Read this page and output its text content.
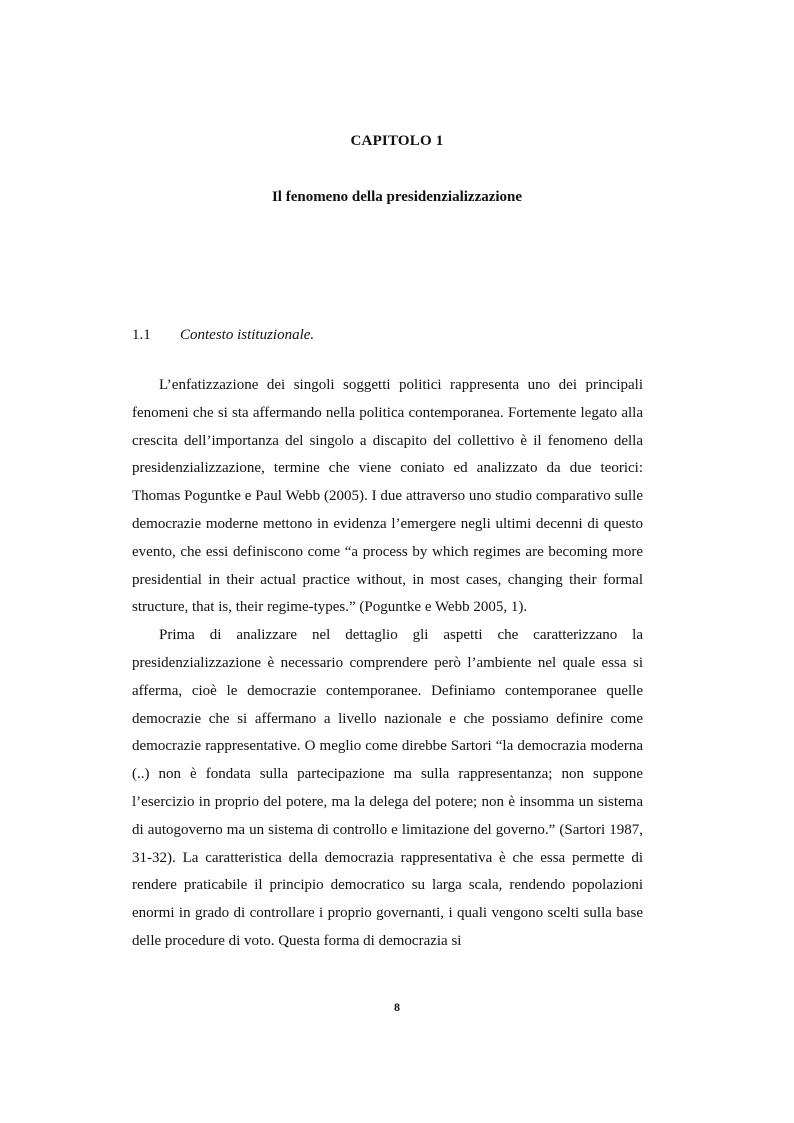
CAPITOLO 1
Il fenomeno della presidenzializzazione
1.1 Contesto istituzionale.

L’enfatizzazione dei singoli soggetti politici rappresenta uno dei principali fenomeni che si sta affermando nella politica contemporanea. Fortemente legato alla crescita dell’importanza del singolo a discapito del collettivo è il fenomeno della presidenzializzazione, termine che viene coniato ed analizzato da due teorici: Thomas Poguntke e Paul Webb (2005). I due attraverso uno studio comparativo sulle democrazie moderne mettono in evidenza l’emergere negli ultimi decenni di questo evento, che essi definiscono come “a process by which regimes are becoming more presidential in their actual practice without, in most cases, changing their formal structure, that is, their regime-types.” (Poguntke e Webb 2005, 1).

Prima di analizzare nel dettaglio gli aspetti che caratterizzano la presidenzializzazione è necessario comprendere però l’ambiente nel quale essa si afferma, cioè le democrazie contemporanee. Definiamo contemporanee quelle democrazie che si affermano a livello nazionale e che possiamo definire come democrazie rappresentative. O meglio come direbbe Sartori “la democrazia moderna (..) non è fondata sulla partecipazione ma sulla rappresentanza; non suppone l’esercizio in proprio del potere, ma la delega del potere; non è insomma un sistema di autogoverno ma un sistema di controllo e limitazione del governo.” (Sartori 1987, 31-32). La caratteristica della democrazia rappresentativa è che essa permette di rendere praticabile il principio democratico su larga scala, rendendo popolazioni enormi in grado di controllare i proprio governanti, i quali vengono scelti sulla base delle procedure di voto. Questa forma di democrazia si

8
